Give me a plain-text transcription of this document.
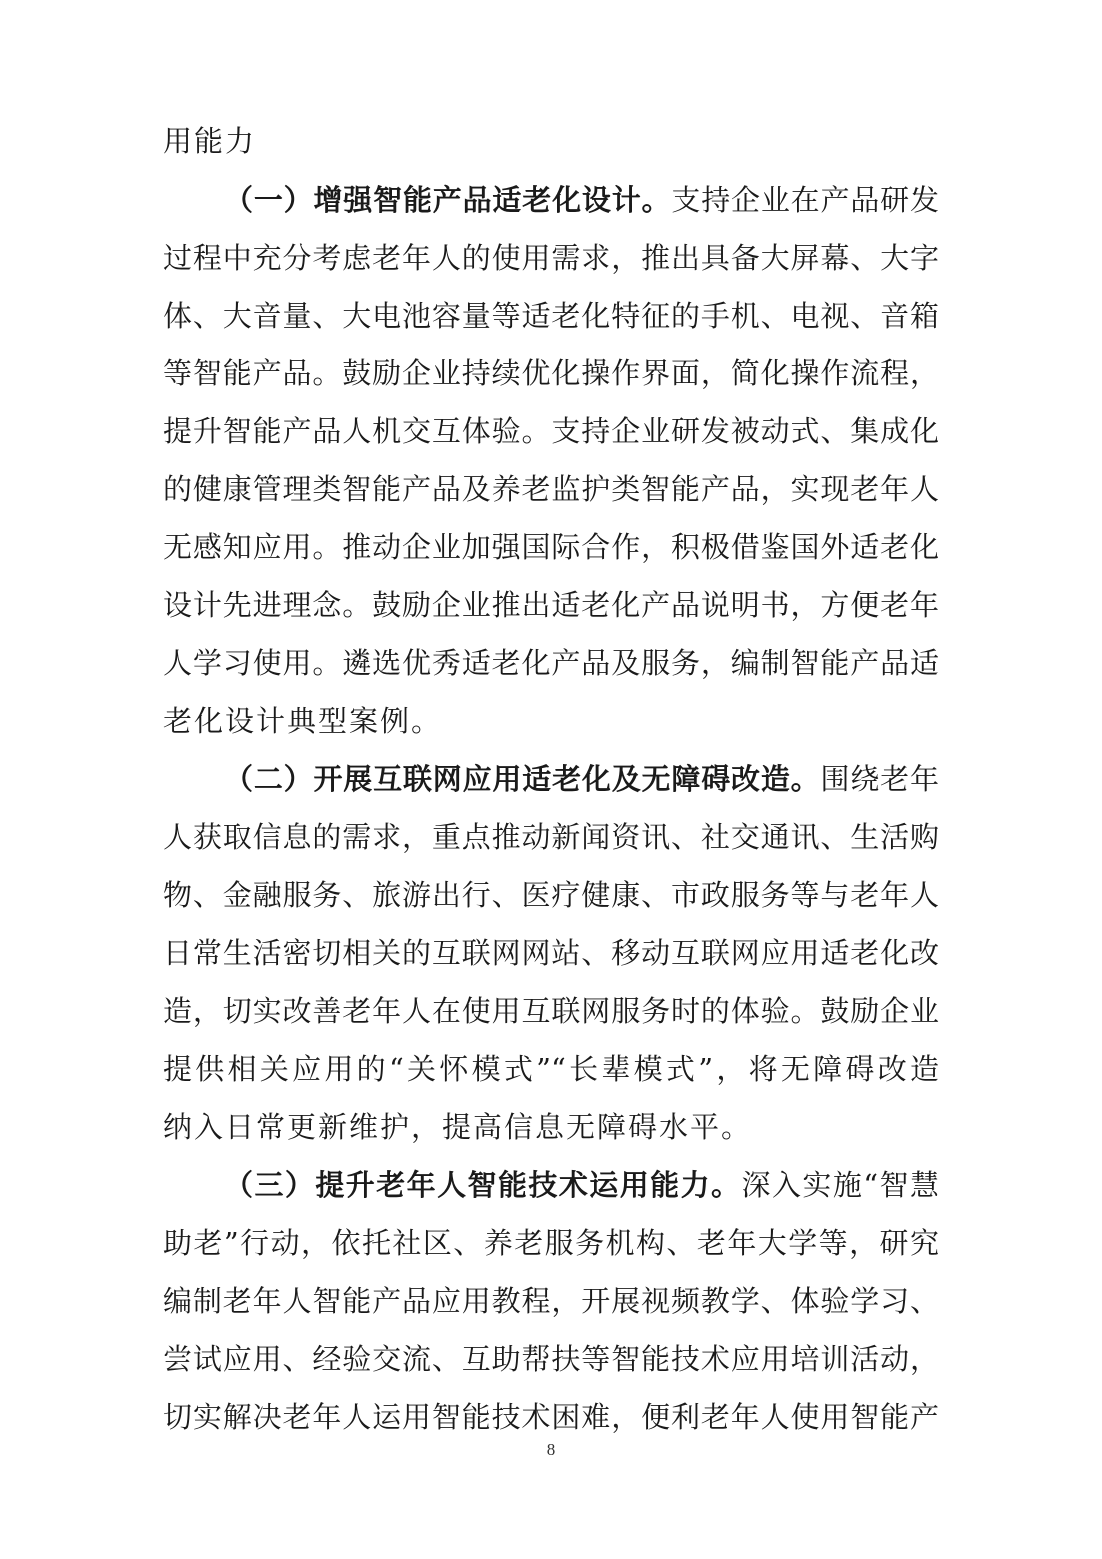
用能力
（一）增强智能产品适老化设计。支持企业在产品研发
过程中充分考虑老年人的使用需求，推出具备大屏幕、大字
体、大音量、大电池容量等适老化特征的手机、电视、音箱
等智能产品。鼓励企业持续优化操作界面，简化操作流程，
提升智能产品人机交互体验。支持企业研发被动式、集成化
的健康管理类智能产品及养老监护类智能产品，实现老年人
无感知应用。推动企业加强国际合作，积极借鉴国外适老化
设计先进理念。鼓励企业推出适老化产品说明书，方便老年
人学习使用。遴选优秀适老化产品及服务，编制智能产品适
老化设计典型案例。
（二）开展互联网应用适老化及无障碍改造。围绕老年
人获取信息的需求，重点推动新闻资讯、社交通讯、生活购
物、金融服务、旅游出行、医疗健康、市政服务等与老年人
日常生活密切相关的互联网网站、移动互联网应用适老化改
造，切实改善老年人在使用互联网服务时的体验。鼓励企业
提供相关应用的“关怀模式”“长辈模式”，将无障碍改造
纳入日常更新维护，提高信息无障碍水平。
（三）提升老年人智能技术运用能力。深入实施“智慧
助老”行动，依托社区、养老服务机构、老年大学等，研究
编制老年人智能产品应用教程，开展视频教学、体验学习、
尝试应用、经验交流、互助帮扶等智能技术应用培训活动，
切实解决老年人运用智能技术困难，便利老年人使用智能产
8
